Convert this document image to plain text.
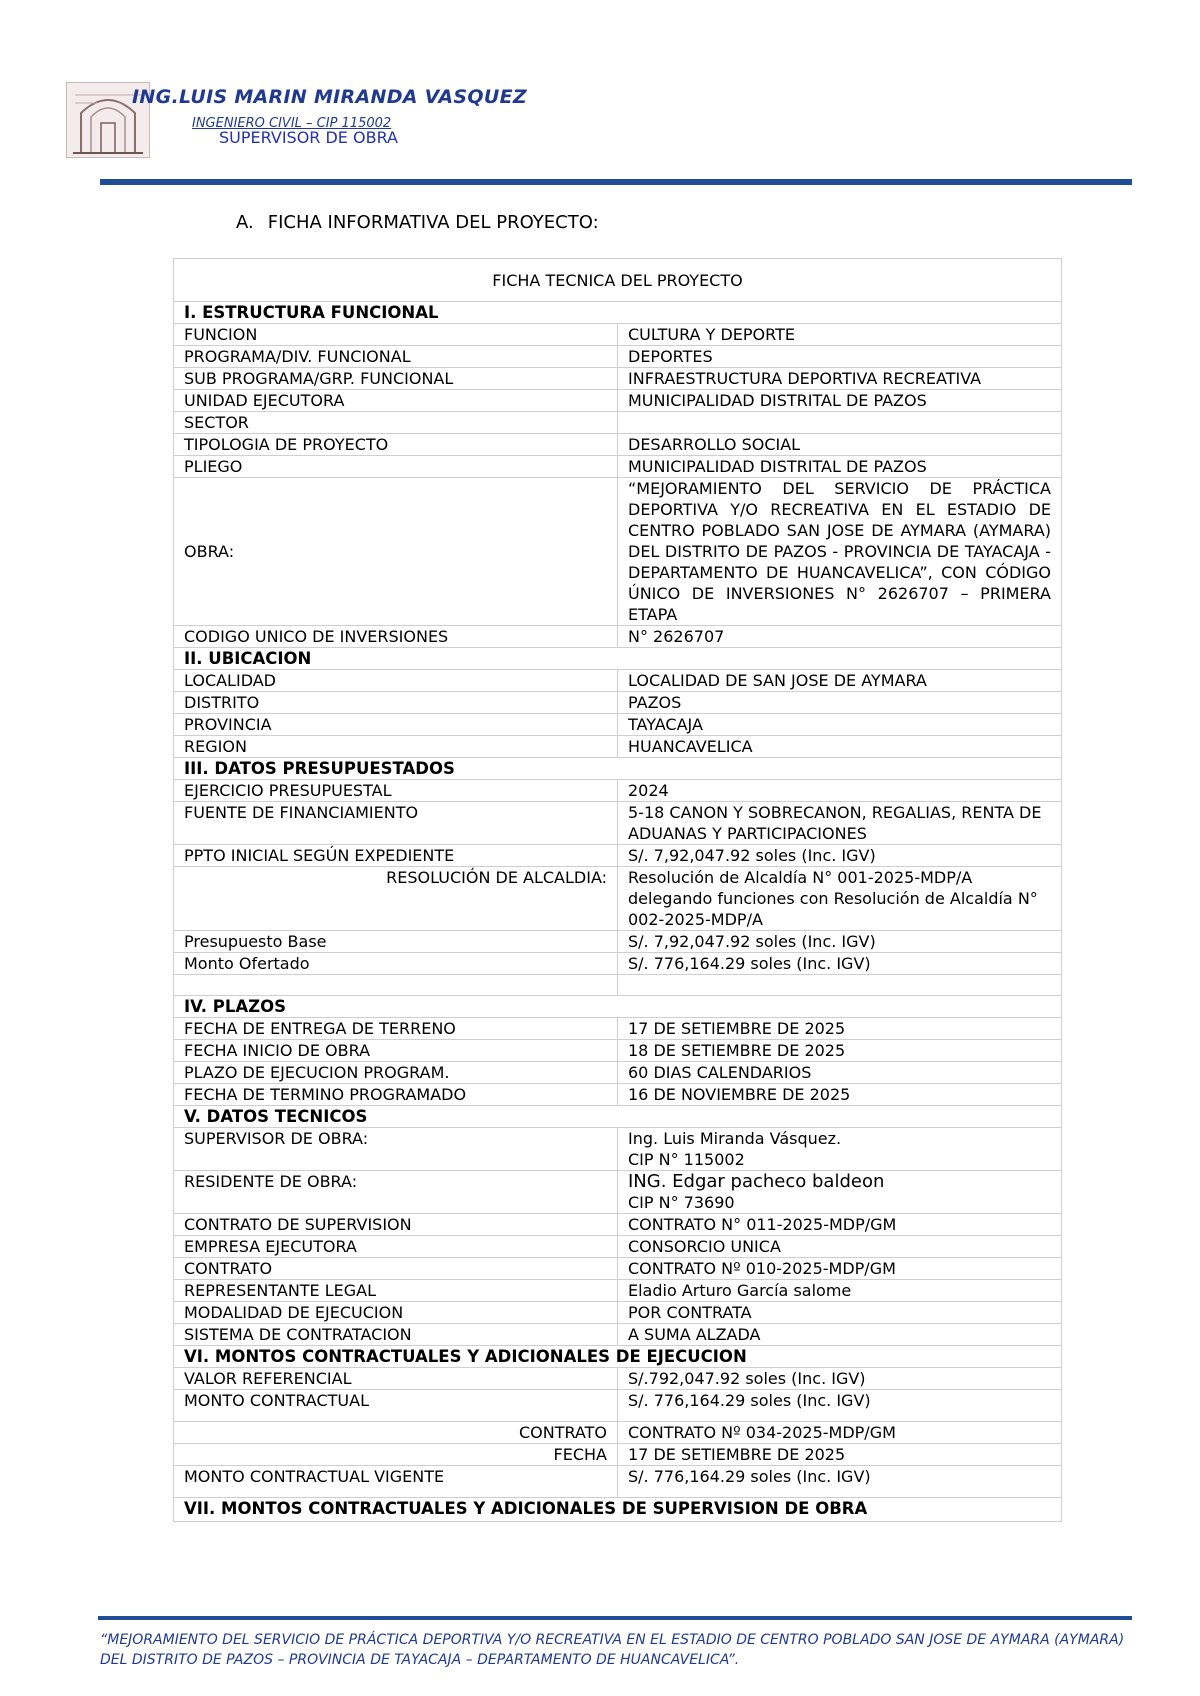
ING.LUIS MARIN MIRANDA VASQUEZ
INGENIERO CIVIL – CIP 115002
SUPERVISOR DE OBRA
A. FICHA INFORMATIVA DEL PROYECTO:
FICHA TECNICA DEL PROYECTO	
I. ESTRUCTURA FUNCIONAL	
FUNCION	CULTURA Y DEPORTE
PROGRAMA/DIV. FUNCIONAL	DEPORTES
SUB PROGRAMA/GRP. FUNCIONAL	INFRAESTRUCTURA DEPORTIVA RECREATIVA
UNIDAD EJECUTORA	MUNICIPALIDAD DISTRITAL DE PAZOS
SECTOR	
TIPOLOGIA DE PROYECTO	DESARROLLO SOCIAL
PLIEGO	MUNICIPALIDAD DISTRITAL DE PAZOS
OBRA:	“MEJORAMIENTO DEL SERVICIO DE PRÁCTICA DEPORTIVA Y/O RECREATIVA EN EL ESTADIO DE CENTRO POBLADO SAN JOSE DE AYMARA (AYMARA) DEL DISTRITO DE PAZOS - PROVINCIA DE TAYACAJA - DEPARTAMENTO DE HUANCAVELICA”, CON CÓDIGO ÚNICO DE INVERSIONES N° 2626707 – PRIMERA ETAPA
CODIGO UNICO DE INVERSIONES	N° 2626707
II. UBICACION	
LOCALIDAD	LOCALIDAD DE SAN JOSE DE AYMARA
DISTRITO	PAZOS
PROVINCIA	TAYACAJA
REGION	HUANCAVELICA
III. DATOS PRESUPUESTADOS	
EJERCICIO PRESUPUESTAL	2024
FUENTE DE FINANCIAMIENTO	5-18 CANON Y SOBRECANON, REGALIAS, RENTA DE ADUANAS Y PARTICIPACIONES
PPTO INICIAL SEGÚN EXPEDIENTE	S/. 7,92,047.92 soles (Inc. IGV)
RESOLUCIÓN DE ALCALDIA:	Resolución de Alcaldía N° 001-2025-MDP/A delegando funciones con Resolución de Alcaldía N° 002-2025-MDP/A
Presupuesto Base	S/. 7,92,047.92 soles (Inc. IGV)
Monto Ofertado	S/. 776,164.29 soles (Inc. IGV)

IV. PLAZOS	
FECHA DE ENTREGA DE TERRENO	17 DE SETIEMBRE DE 2025
FECHA INICIO DE OBRA	18 DE SETIEMBRE DE 2025
PLAZO DE EJECUCION PROGRAM.	60 DIAS CALENDARIOS
FECHA DE TERMINO PROGRAMADO	16 DE NOVIEMBRE DE 2025
V. DATOS TECNICOS	
SUPERVISOR DE OBRA:	Ing. Luis Miranda Vásquez.
CIP N° 115002

RESIDENTE DE OBRA:	ING. Edgar pacheco baldeon
CIP N° 73690

CONTRATO DE SUPERVISION	CONTRATO N° 011-2025-MDP/GM
EMPRESA EJECUTORA	CONSORCIO UNICA
CONTRATO	CONTRATO Nº 010-2025-MDP/GM
REPRESENTANTE LEGAL	Eladio Arturo García salome
MODALIDAD DE EJECUCION	POR CONTRATA
SISTEMA DE CONTRATACION	A SUMA ALZADA
VI. MONTOS CONTRACTUALES Y ADICIONALES DE EJECUCION	
VALOR REFERENCIAL	S/.792,047.92 soles (Inc. IGV)
MONTO CONTRACTUAL	S/. 776,164.29 soles (Inc. IGV)
CONTRATO	CONTRATO Nº 034-2025-MDP/GM
FECHA	17 DE SETIEMBRE DE 2025
MONTO CONTRACTUAL VIGENTE	S/. 776,164.29 soles (Inc. IGV)
VII. MONTOS CONTRACTUALES Y ADICIONALES DE SUPERVISION DE OBRA	
“MEJORAMIENTO DEL SERVICIO DE PRÁCTICA DEPORTIVA Y/O RECREATIVA EN EL ESTADIO DE CENTRO POBLADO SAN JOSE DE AYMARA (AYMARA) DEL DISTRITO DE PAZOS – PROVINCIA DE TAYACAJA – DEPARTAMENTO DE HUANCAVELICA”.
